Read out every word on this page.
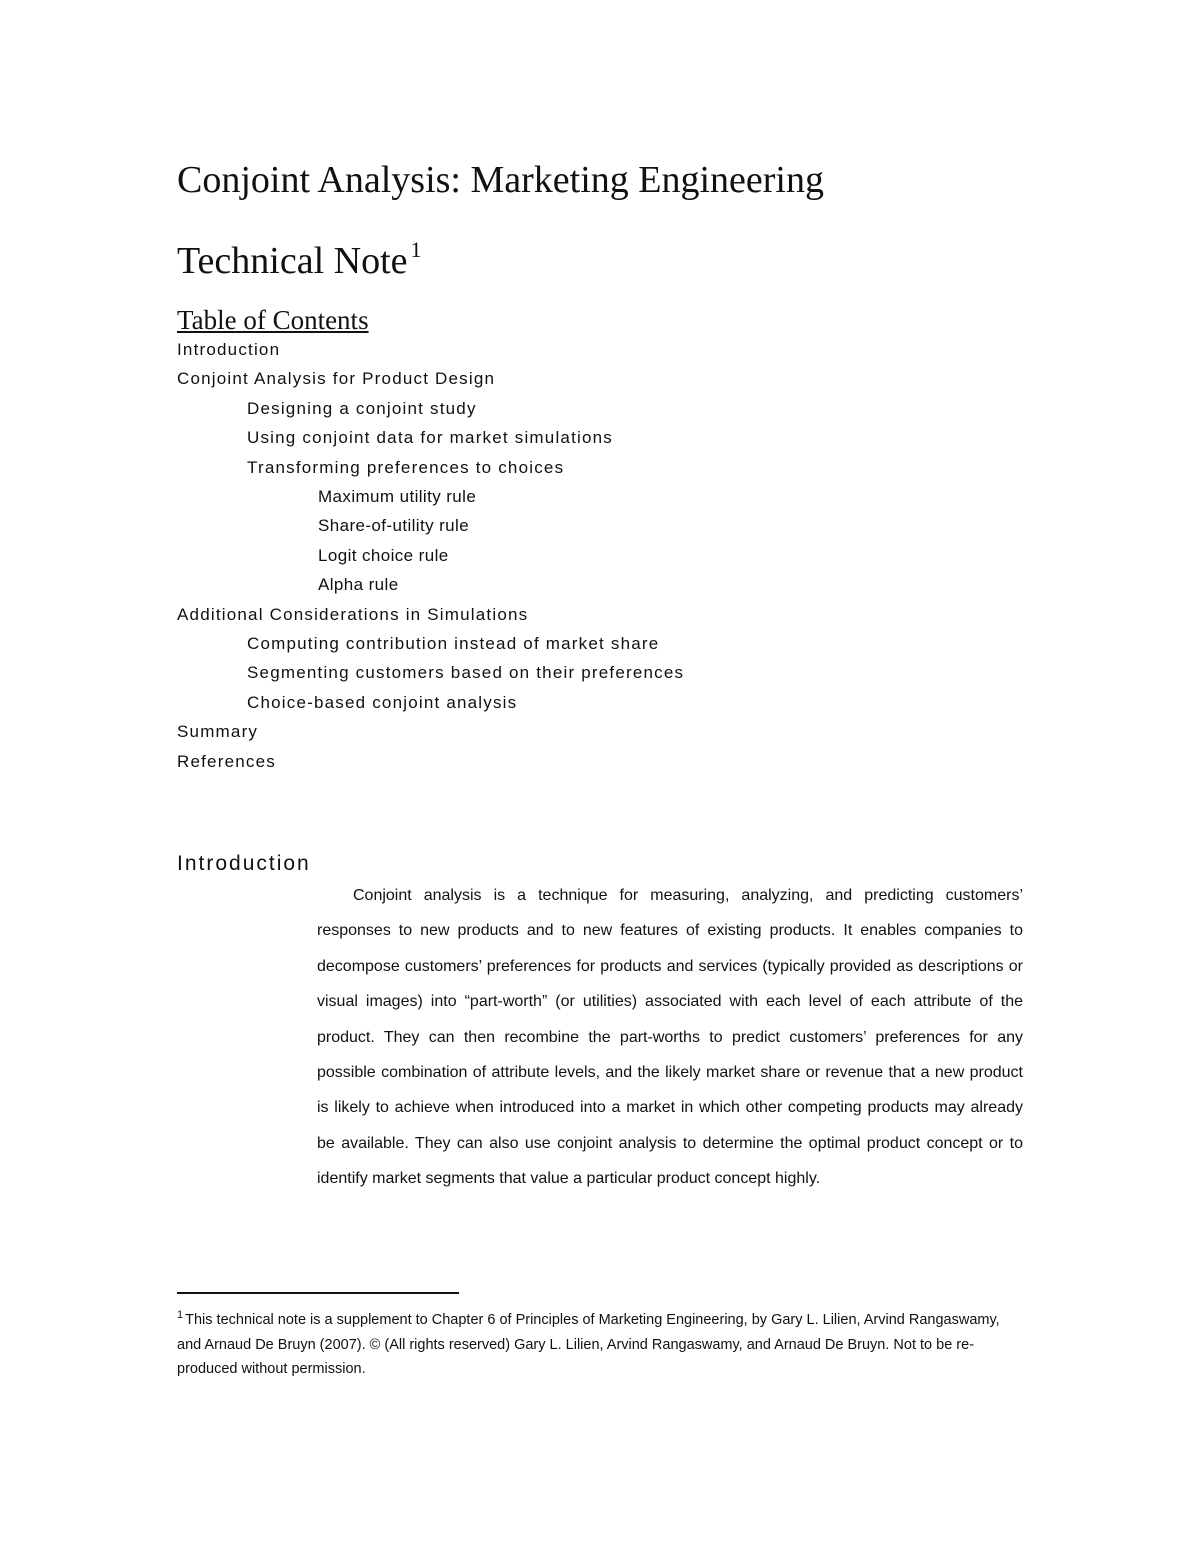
Conjoint Analysis: Marketing Engineering
Technical Note $^1$
Table of Contents
Introduction
Conjoint Analysis for Product Design
Designing a conjoint study
Using conjoint data for market simulations
Transforming preferences to choices
Maximum utility rule
Share-of-utility rule
Logit choice rule
Alpha rule
Additional Considerations in Simulations
Computing contribution instead of market share
Segmenting customers based on their preferences
Choice-based conjoint analysis
Summary
References
Introduction

Conjoint analysis is a technique for measuring, analyzing, and predicting customers’ responses to new products and to new features of existing products. It enables companies to decompose customers’ preferences for products and services (typically provided as descriptions or visual images) into “part-worth” (or utilities) associated with each level of each attribute of the product. They can then recombine the part-worths to predict customers’ preferences for any possible combination of attribute levels, and the likely market share or revenue that a new product is likely to achieve when introduced into a market in which other competing products may already be available. They can also use conjoint analysis to determine the optimal product concept or to identify market segments that value a particular product concept highly.

$^1$ This technical note is a supplement to Chapter 6 of Principles of Marketing Engineering, by Gary L. Lilien, Arvind Rangaswamy, and Arnaud De Bruyn (2007). © (All rights reserved) Gary L. Lilien, Arvind Rangaswamy, and Arnaud De Bruyn. Not to be re-produced without permission.
